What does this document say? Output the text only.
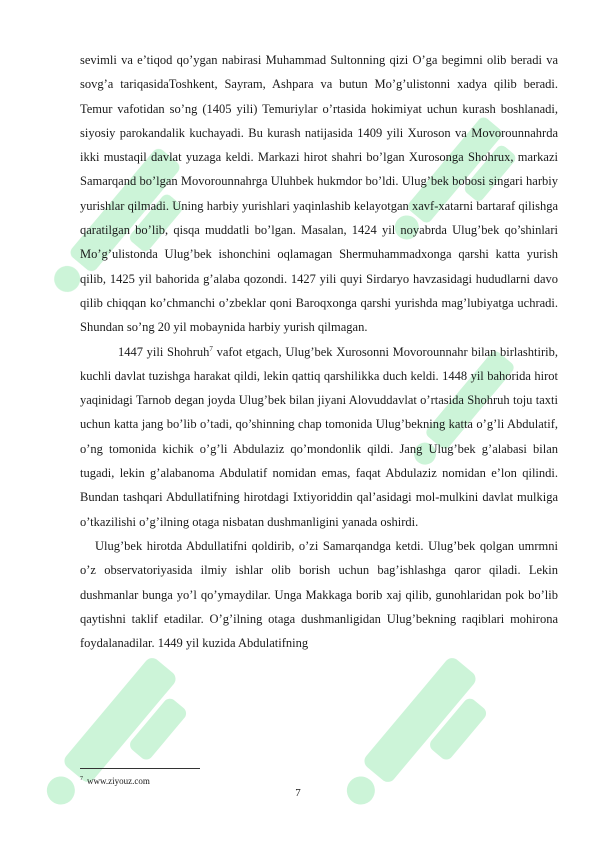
sevimli va e’tiqod qo’ygan nabirasi Muhammad Sultonning qizi O’ga begimni olib beradi va sovg’a tariqasidaToshkent, Sayram, Ashpara va butun Mo’g’ulistonni xadya qilib beradi. Temur vafotidan so’ng (1405 yili) Temuriylar o’rtasida hokimiyat uchun kurash boshlanadi, siyosiy parokandalik kuchayadi. Bu kurash natijasida 1409 yili Xuroson va Movorounnahrda ikki mustaqil davlat yuzaga keldi. Markazi hirot shahri bo’lgan Xurosonga Shohrux, markazi Samarqand bo’lgan Movorounnahrga Uluhbek hukmdor bo’ldi. Ulug’bek bobosi singari harbiy yurishlar qilmadi. Uning harbiy yurishlari yaqinlashib kelayotgan xavf-xatarni bartaraf qilishga qaratilgan bo’lib, qisqa muddatli bo’lgan. Masalan, 1424 yil noyabrda Ulug’bek qo’shinlari Mo’g’ulistonda Ulug’bek ishonchini oqlamagan Shermuhammadxonga qarshi katta yurish qilib, 1425 yil bahorida g’alaba qozondi. 1427 yili quyi Sirdaryo havzasidagi hududlarni davo qilib chiqqan ko’chmanchi o’zbeklar qoni Baroqxonga qarshi yurishda mag’lubiyatga uchradi. Shundan so’ng 20 yil mobaynida harbiy yurish qilmagan.

1447 yili Shohruh$^7$ vafot etgach, Ulug’bek Xurosonni Movorounnahr bilan birlashtirib, kuchli davlat tuzishga harakat qildi, lekin qattiq qarshilikka duch keldi. 1448 yil bahorida hirot yaqinidagi Tarnob degan joyda Ulug’bek bilan jiyani Alovuddavlat o’rtasida Shohruh toju taxti uchun katta jang bo’lib o’tadi, qo’shinning chap tomonida Ulug’bekning katta o’g’li Abdulatif, o’ng tomonida kichik o’g’li Abdulaziz qo’mondonlik qildi. Jang Ulug’bek g’alabasi bilan tugadi, lekin g’alabanoma Abdulatif nomidan emas, faqat Abdulaziz nomidan e’lon qilindi. Bundan tashqari Abdullatifning hirotdagi Ixtiyoriddin qal’asidagi mol-mulkini davlat mulkiga o’tkazilishi o’g’ilning otaga nisbatan dushmanligini yanada oshirdi.

Ulug’bek hirotda Abdullatifni qoldirib, o’zi Samarqandga ketdi. Ulug’bek qolgan umrmni o’z observatoriyasida ilmiy ishlar olib borish uchun bag’ishlashga qaror qiladi. Lekin dushmanlar bunga yo’l qo’ymaydilar. Unga Makkaga borib xaj qilib, gunohlaridan pok bo’lib qaytishni taklif etadilar. O’g’ilning otaga dushmanligidan Ulug’bekning raqiblari mohirona foydalanadilar. 1449 yil kuzida Abdulatifning

$^7$ www.ziyouz.com
7
